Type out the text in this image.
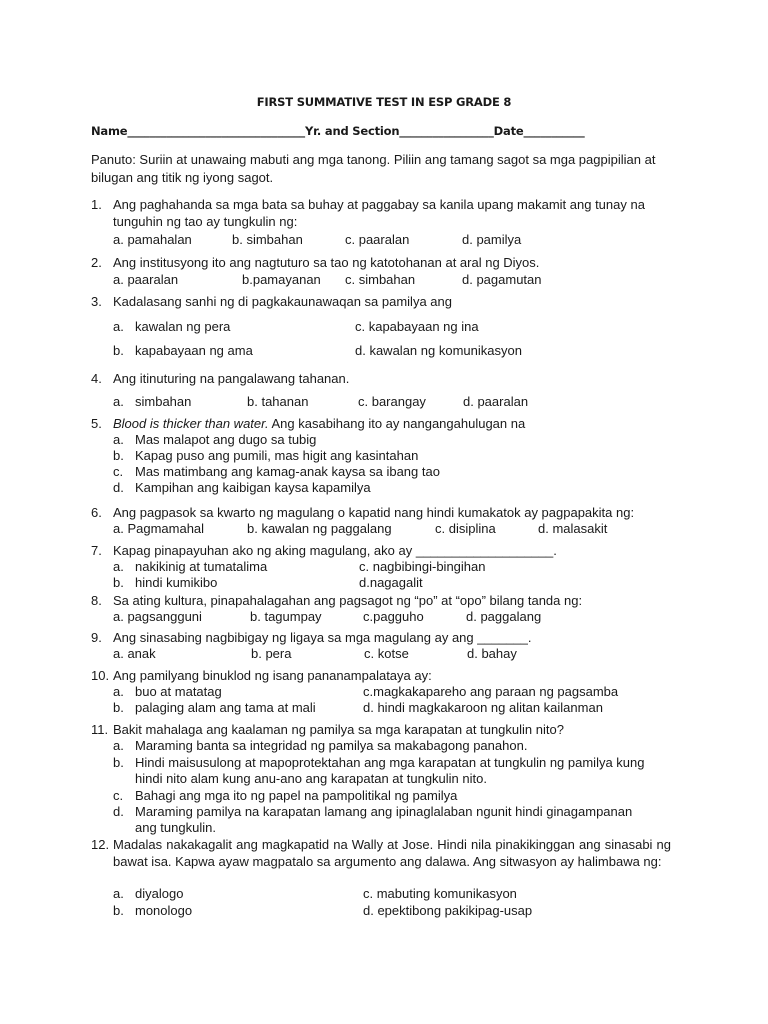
FIRST SUMMATIVE TEST IN ESP GRADE 8
Name________________________________Yr. and Section_________________Date___________
Panuto: Suriin at unawaing mabuti ang mga tanong. Piliin ang tamang sagot sa mga pagpipilian at bilugan ang titik ng iyong sagot.
1. Ang paghahanda sa mga bata sa buhay at paggabay sa kanila upang makamit ang tunay na tunguhin ng tao ay tungkulin ng:
a. pamahalan	b. simbahan	c. paaralan	d. pamilya
2. Ang institusyong ito ang nagtuturo sa tao ng katotohanan at aral ng Diyos.
a. paaralan	b.pamayanan c. simbahan	d. pagamutan
3. Kadalasang sanhi ng di pagkakaunawaqan sa pamilya ang
a. kawalan ng pera	c. kapabayaan ng ina
b. kapabayaan ng ama	d. kawalan ng komunikasyon
4. Ang itinuturing na pangalawang tahanan.
a. simbahan	b. tahanan	c. barangay	d. paaralan
5. Blood is thicker than water. Ang kasabihang ito ay nangangahulugan na
a. Mas malapot ang dugo sa tubig
b. Kapag puso ang pumili, mas higit ang kasintahan
c. Mas matimbang ang kamag-anak kaysa sa ibang tao
d. Kampihan ang kaibigan kaysa kapamilya
6. Ang pagpasok sa kwarto ng magulang o kapatid nang hindi kumakatok ay pagpapakita ng:
a. Pagmamahal	b. kawalan ng paggalang	c. disiplina	d. malasakit
7. Kapag pinapayuhan ako ng aking magulang, ako ay ___________________.
a. nakikinig at tumatalima	c. nagbibingi-bingihan
b. hindi kumikibo	d.nagagalit
8. Sa ating kultura, pinapahalagahan ang pagsagot ng “po” at “opo” bilang tanda ng:
a. pagsangguni	b. tagumpay	c.pagguho	d. paggalang
9. Ang sinasabing nagbibigay ng ligaya sa mga magulang ay ang _______.
a. anak	b. pera	c. kotse	d. bahay
10. Ang pamilyang binuklod ng isang pananampalataya ay:
a. buo at matatag	c.magkakapareho ang paraan ng pagsamba
b. palaging alam ang tama at mali	d. hindi magkakaroon ng alitan kailanman
11. Bakit mahalaga ang kaalaman ng pamilya sa mga karapatan at tungkulin nito?
a. Maraming banta sa integridad ng pamilya sa makabagong panahon.
b. Hindi maisusulong at mapoprotektahan ang mga karapatan at tungkulin ng pamilya kung
hindi nito alam kung anu-ano ang karapatan at tungkulin nito.
c. Bahagi ang mga ito ng papel na pampolitikal ng pamilya
d. Maraming pamilya na karapatan lamang ang ipinaglalaban ngunit hindi ginagampanan
ang tungkulin.
12. Madalas nakakagalit ang magkapatid na Wally at Jose. Hindi nila pinakikinggan ang sinasabi ng bawat isa. Kapwa ayaw magpatalo sa argumento ang dalawa. Ang sitwasyon ay halimbawa ng:
a. diyalogo	c. mabuting komunikasyon
b. monologo	d. epektibong pakikipag-usap
